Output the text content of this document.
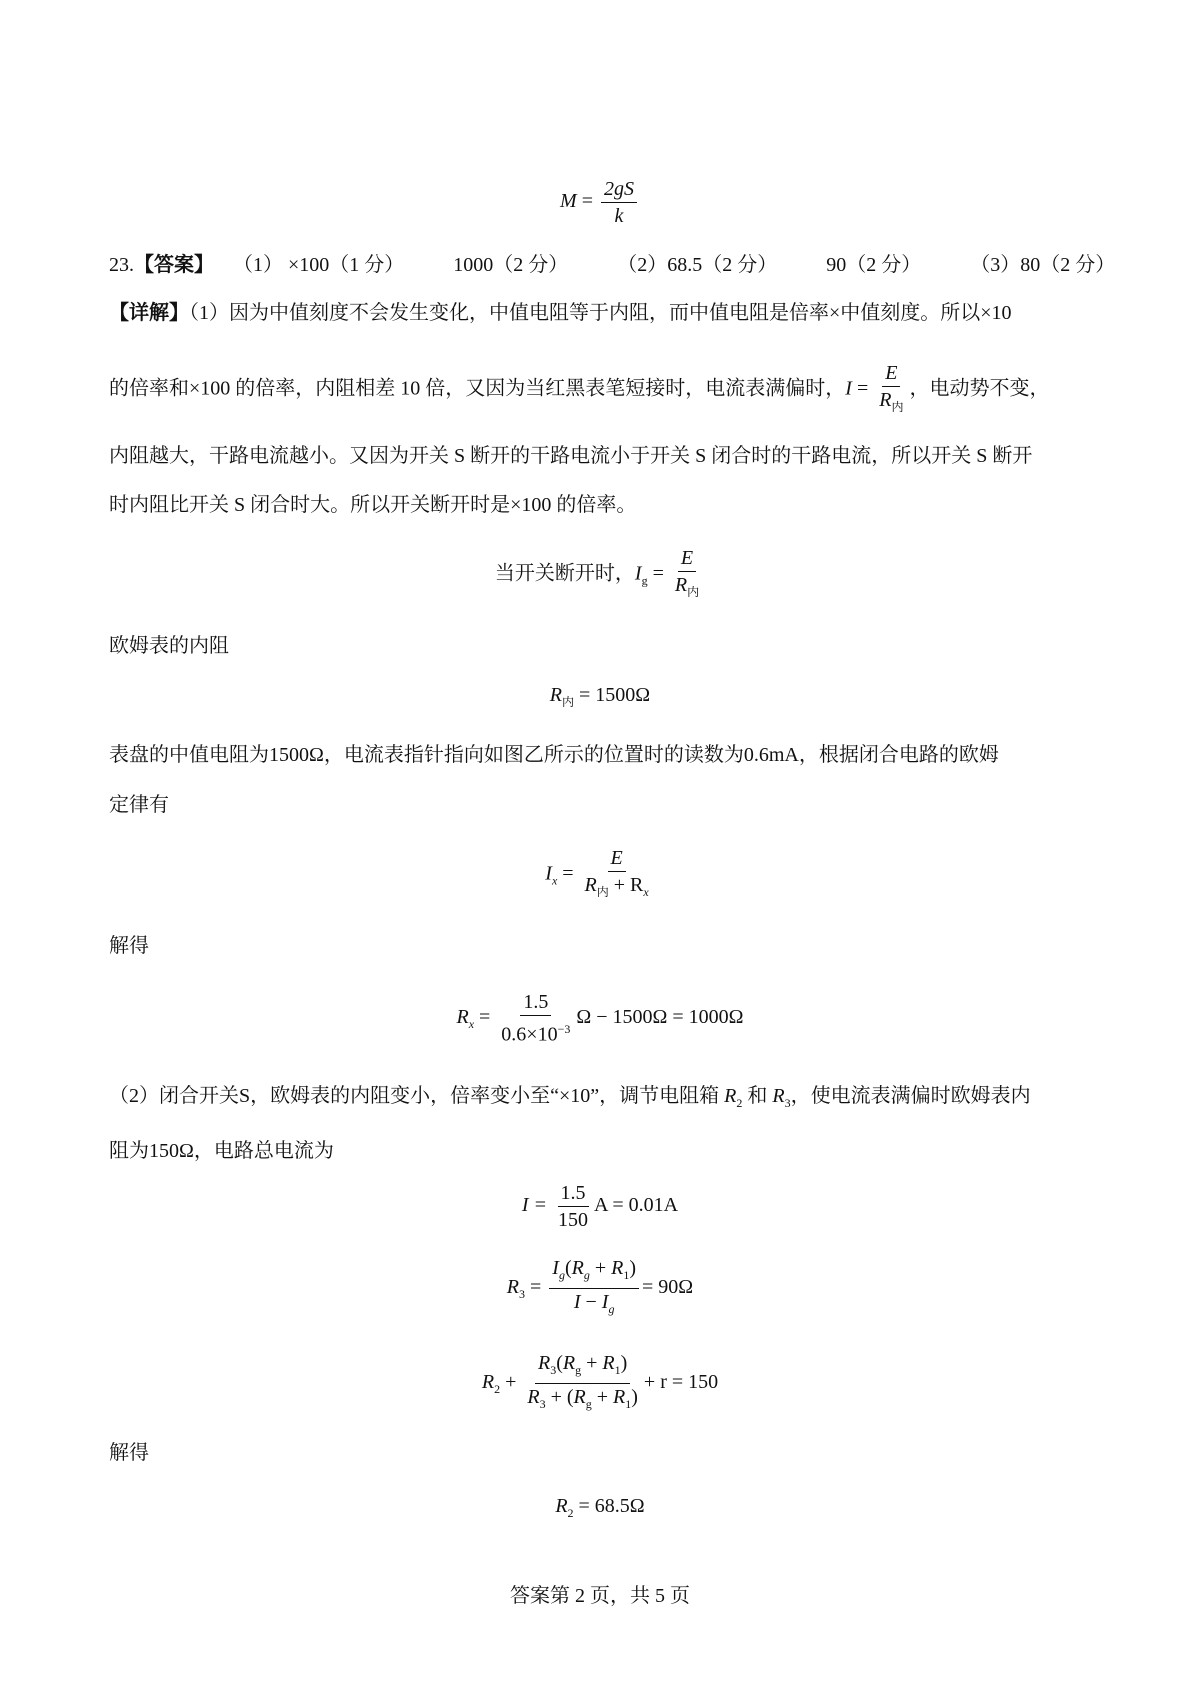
$M = \frac{2gS}{k}$
23.【答案】 （1） ×100（1 分） 1000（2 分） （2）68.5（2 分） 90（2 分） （3）80（2 分）
【详解】（1）因为中值刻度不会发生变化，中值电阻等于内阻，而中值电阻是倍率×中值刻度。所以×10
的倍率和×100 的倍率，内阻相差 10 倍，又因为当红黑表笔短接时，电流表满偏时，$I = \frac{E}{R_内}$ ，电动势不变，
内阻越大，干路电流越小。又因为开关 S 断开的干路电流小于开关 S 闭合时的干路电流，所以开关 S 断开
时内阻比开关 S 闭合时大。所以开关断开时是×100 的倍率。
当开关断开时，$I_g = \frac{E}{R_内}$
欧姆表的内阻
$R_内 = 1500\Omega$
表盘的中值电阻为1500Ω，电流表指针指向如图乙所示的位置时的读数为0.6mA，根据闭合电路的欧姆
定律有
$I_x = \frac{E}{R_内 + R_x}$
解得
$R_x = \frac{1.5}{0.6\times 10^{-3}}$ Ω − 1500Ω = 1000Ω
（2）闭合开关S，欧姆表的内阻变小，倍率变小至“×10”，调节电阻箱 $R_2$ 和 $R_3$，使电流表满偏时欧姆表内
阻为150Ω，电路总电流为
$I = \frac{1.5}{150}$ A = 0.01A
$R_3 = \frac{I_g(R_g + R_1)}{I - I_g} = 90\Omega$
$R_2 + \frac{R_3(R_g + R_1)}{R_3 + (R_g + R_1)} + r = 150$
解得
$R_2 = 68.5\Omega$
答案第 2 页，共 5 页
